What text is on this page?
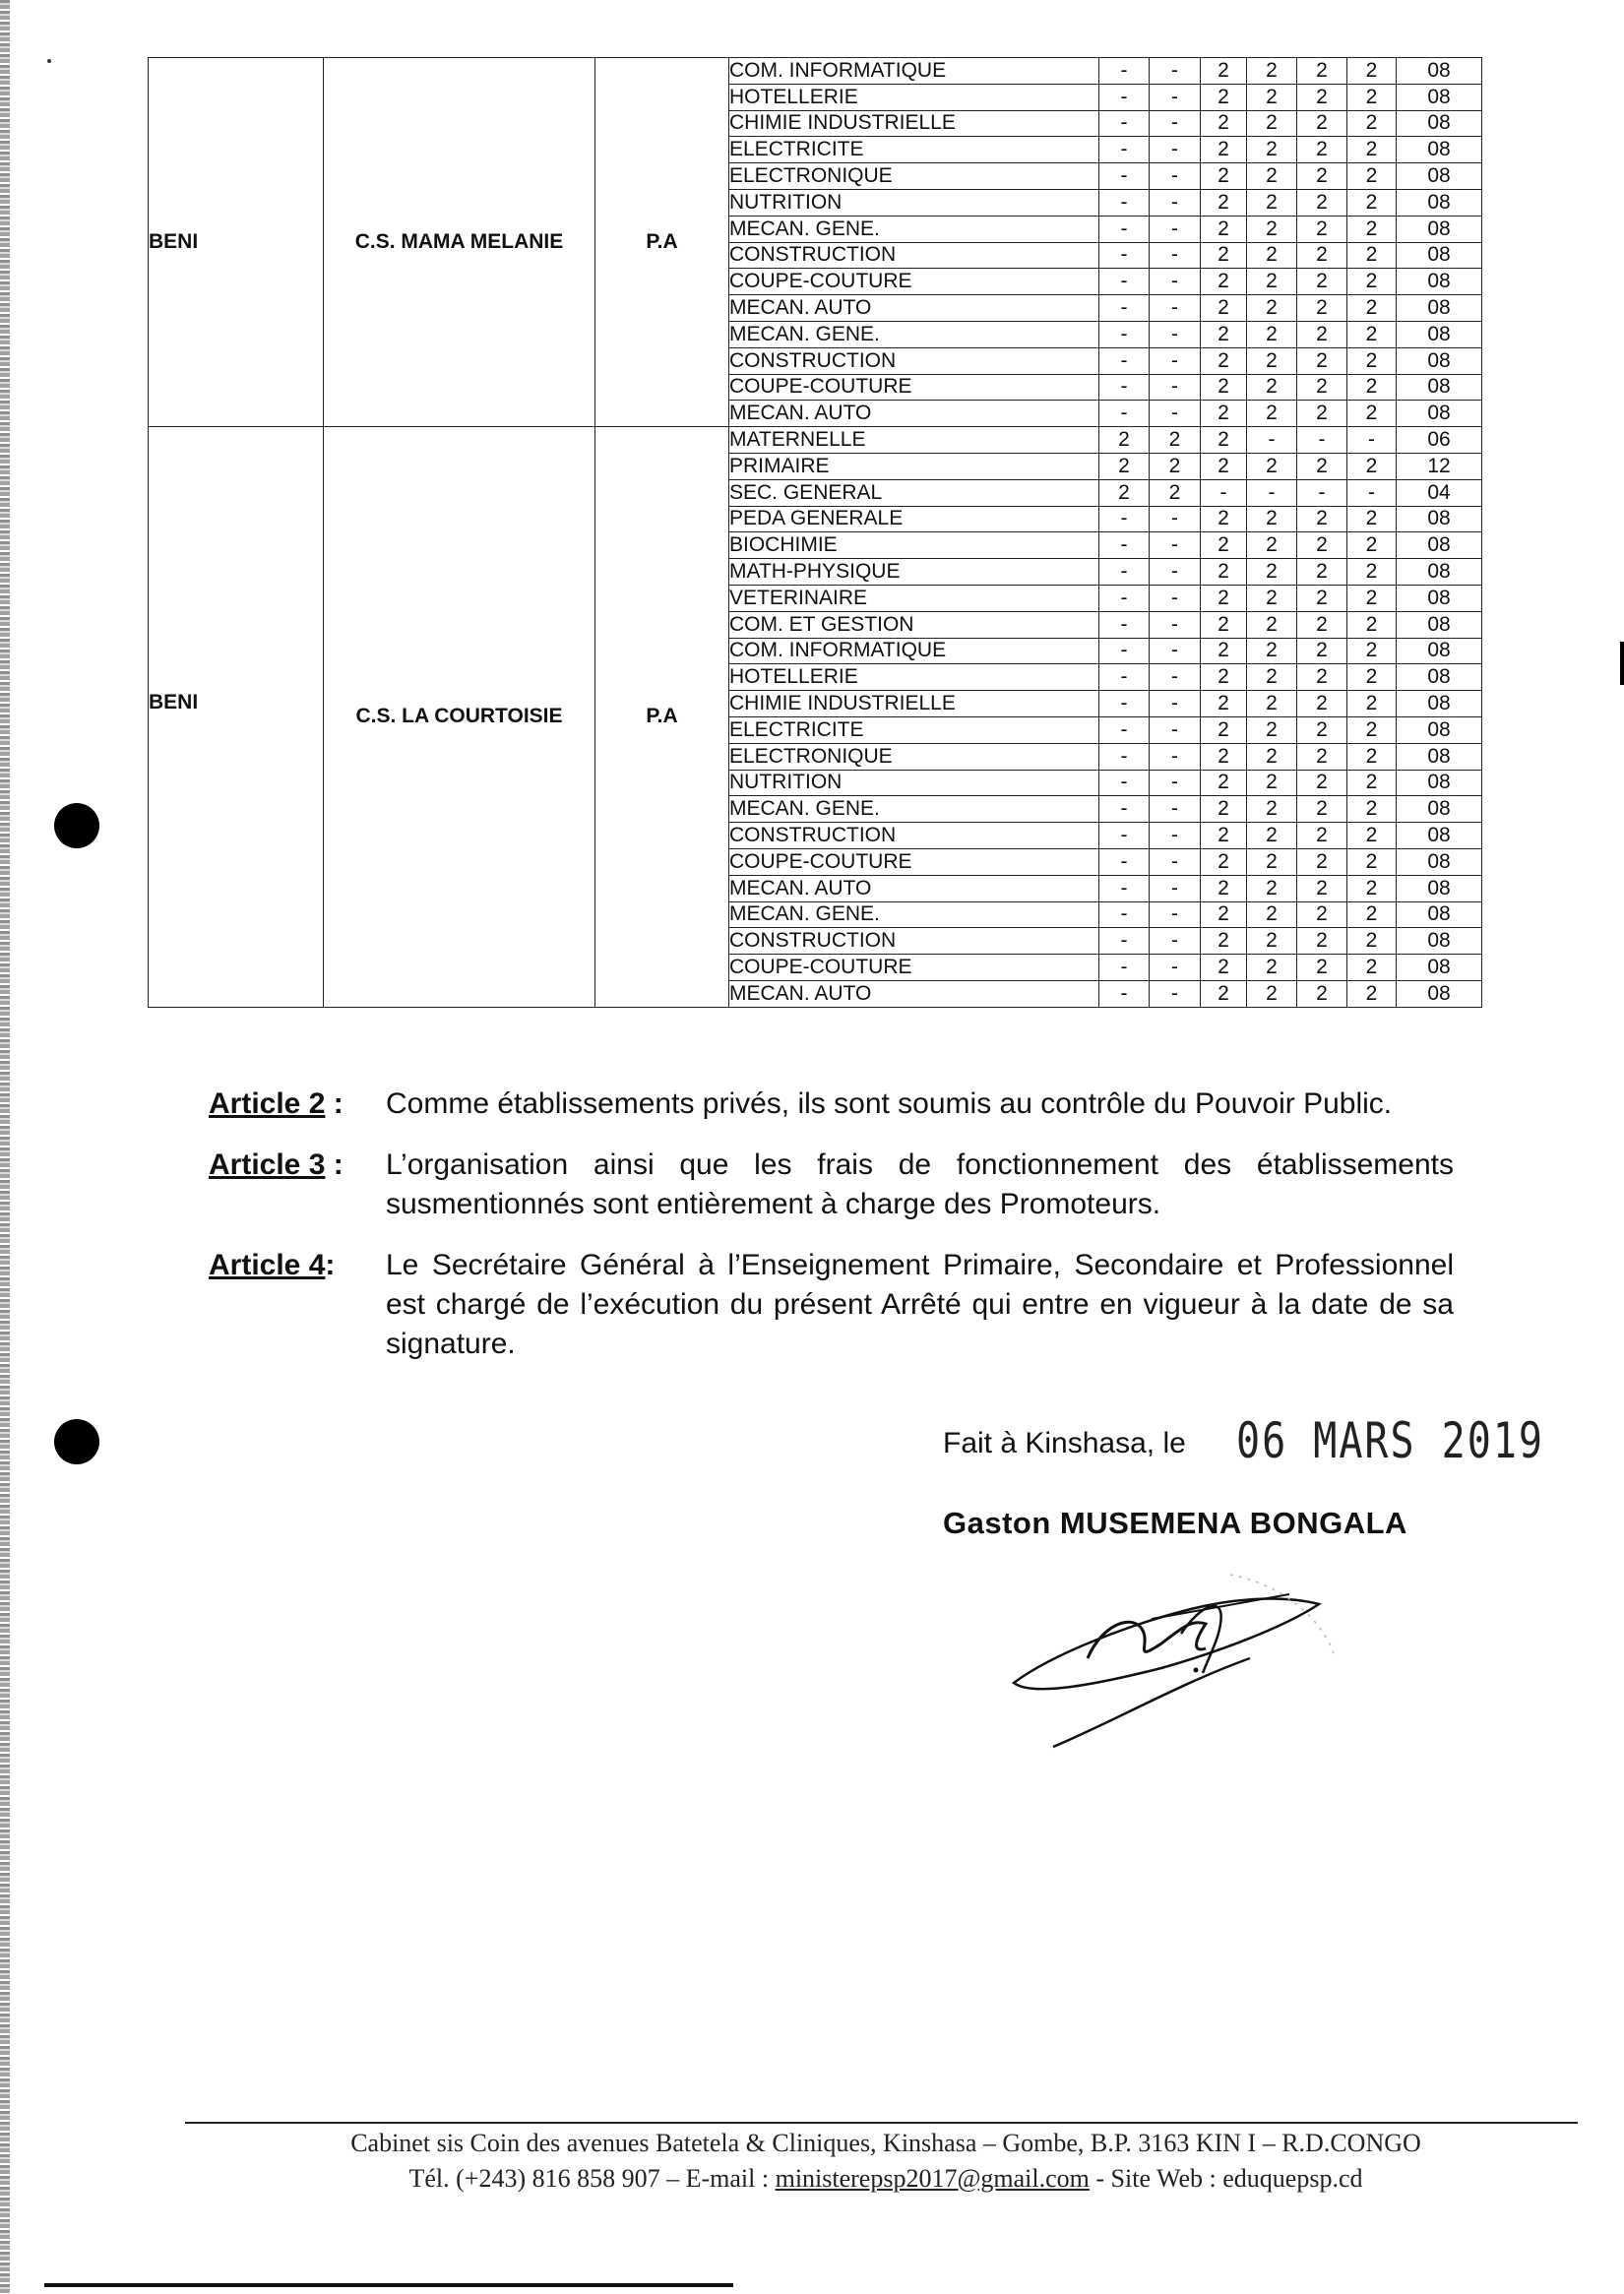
BENI	C.S. MAMA MELANIE	P.A	COM. INFORMATIQUE	-	-	2	2	2	2	08
			HOTELLERIE	-	-	2	2	2	2	08
			CHIMIE INDUSTRIELLE	-	-	2	2	2	2	08
			ELECTRICITE	-	-	2	2	2	2	08
			ELECTRONIQUE	-	-	2	2	2	2	08
			NUTRITION	-	-	2	2	2	2	08
			MECAN. GENE.	-	-	2	2	2	2	08
			CONSTRUCTION	-	-	2	2	2	2	08
			COUPE-COUTURE	-	-	2	2	2	2	08
			MECAN. AUTO	-	-	2	2	2	2	08
			MECAN. GENE.	-	-	2	2	2	2	08
			CONSTRUCTION	-	-	2	2	2	2	08
			COUPE-COUTURE	-	-	2	2	2	2	08
			MECAN. AUTO	-	-	2	2	2	2	08
BENI	C.S. LA COURTOISIE	P.A	MATERNELLE	2	2	2	-	-	-	06
			PRIMAIRE	2	2	2	2	2	2	12
			SEC. GENERAL	2	2	-	-	-	-	04
			PEDA GENERALE	-	-	2	2	2	2	08
			BIOCHIMIE	-	-	2	2	2	2	08
			MATH-PHYSIQUE	-	-	2	2	2	2	08
			VETERINAIRE	-	-	2	2	2	2	08
			COM. ET GESTION	-	-	2	2	2	2	08
			COM. INFORMATIQUE	-	-	2	2	2	2	08
			HOTELLERIE	-	-	2	2	2	2	08
			CHIMIE INDUSTRIELLE	-	-	2	2	2	2	08
			ELECTRICITE	-	-	2	2	2	2	08
			ELECTRONIQUE	-	-	2	2	2	2	08
			NUTRITION	-	-	2	2	2	2	08
			MECAN. GENE.	-	-	2	2	2	2	08
			CONSTRUCTION	-	-	2	2	2	2	08
			COUPE-COUTURE	-	-	2	2	2	2	08
			MECAN. AUTO	-	-	2	2	2	2	08
			MECAN. GENE.	-	-	2	2	2	2	08
			CONSTRUCTION	-	-	2	2	2	2	08
			COUPE-COUTURE	-	-	2	2	2	2	08
			MECAN. AUTO	-	-	2	2	2	2	08
Article 2 :	Comme établissements privés, ils sont soumis au contrôle du Pouvoir Public.
Article 3 :	L’organisation ainsi que les frais de fonctionnement des établissements susmentionnés sont entièrement à charge des Promoteurs.
Article 4:	Le Secrétaire Général à l’Enseignement Primaire, Secondaire et Professionnel est chargé de l’exécution du présent Arrêté qui entre en vigueur à la date de sa signature.
Fait à Kinshasa, le 06 MARS 2019
Gaston MUSEMENA BONGALA
Cabinet sis Coin des avenues Batetela & Cliniques, Kinshasa – Gombe, B.P. 3163 KIN I – R.D.CONGO
Tél. (+243) 816 858 907 – E-mail : ministerepsp2017@gmail.com - Site Web : eduquepsp.cd
